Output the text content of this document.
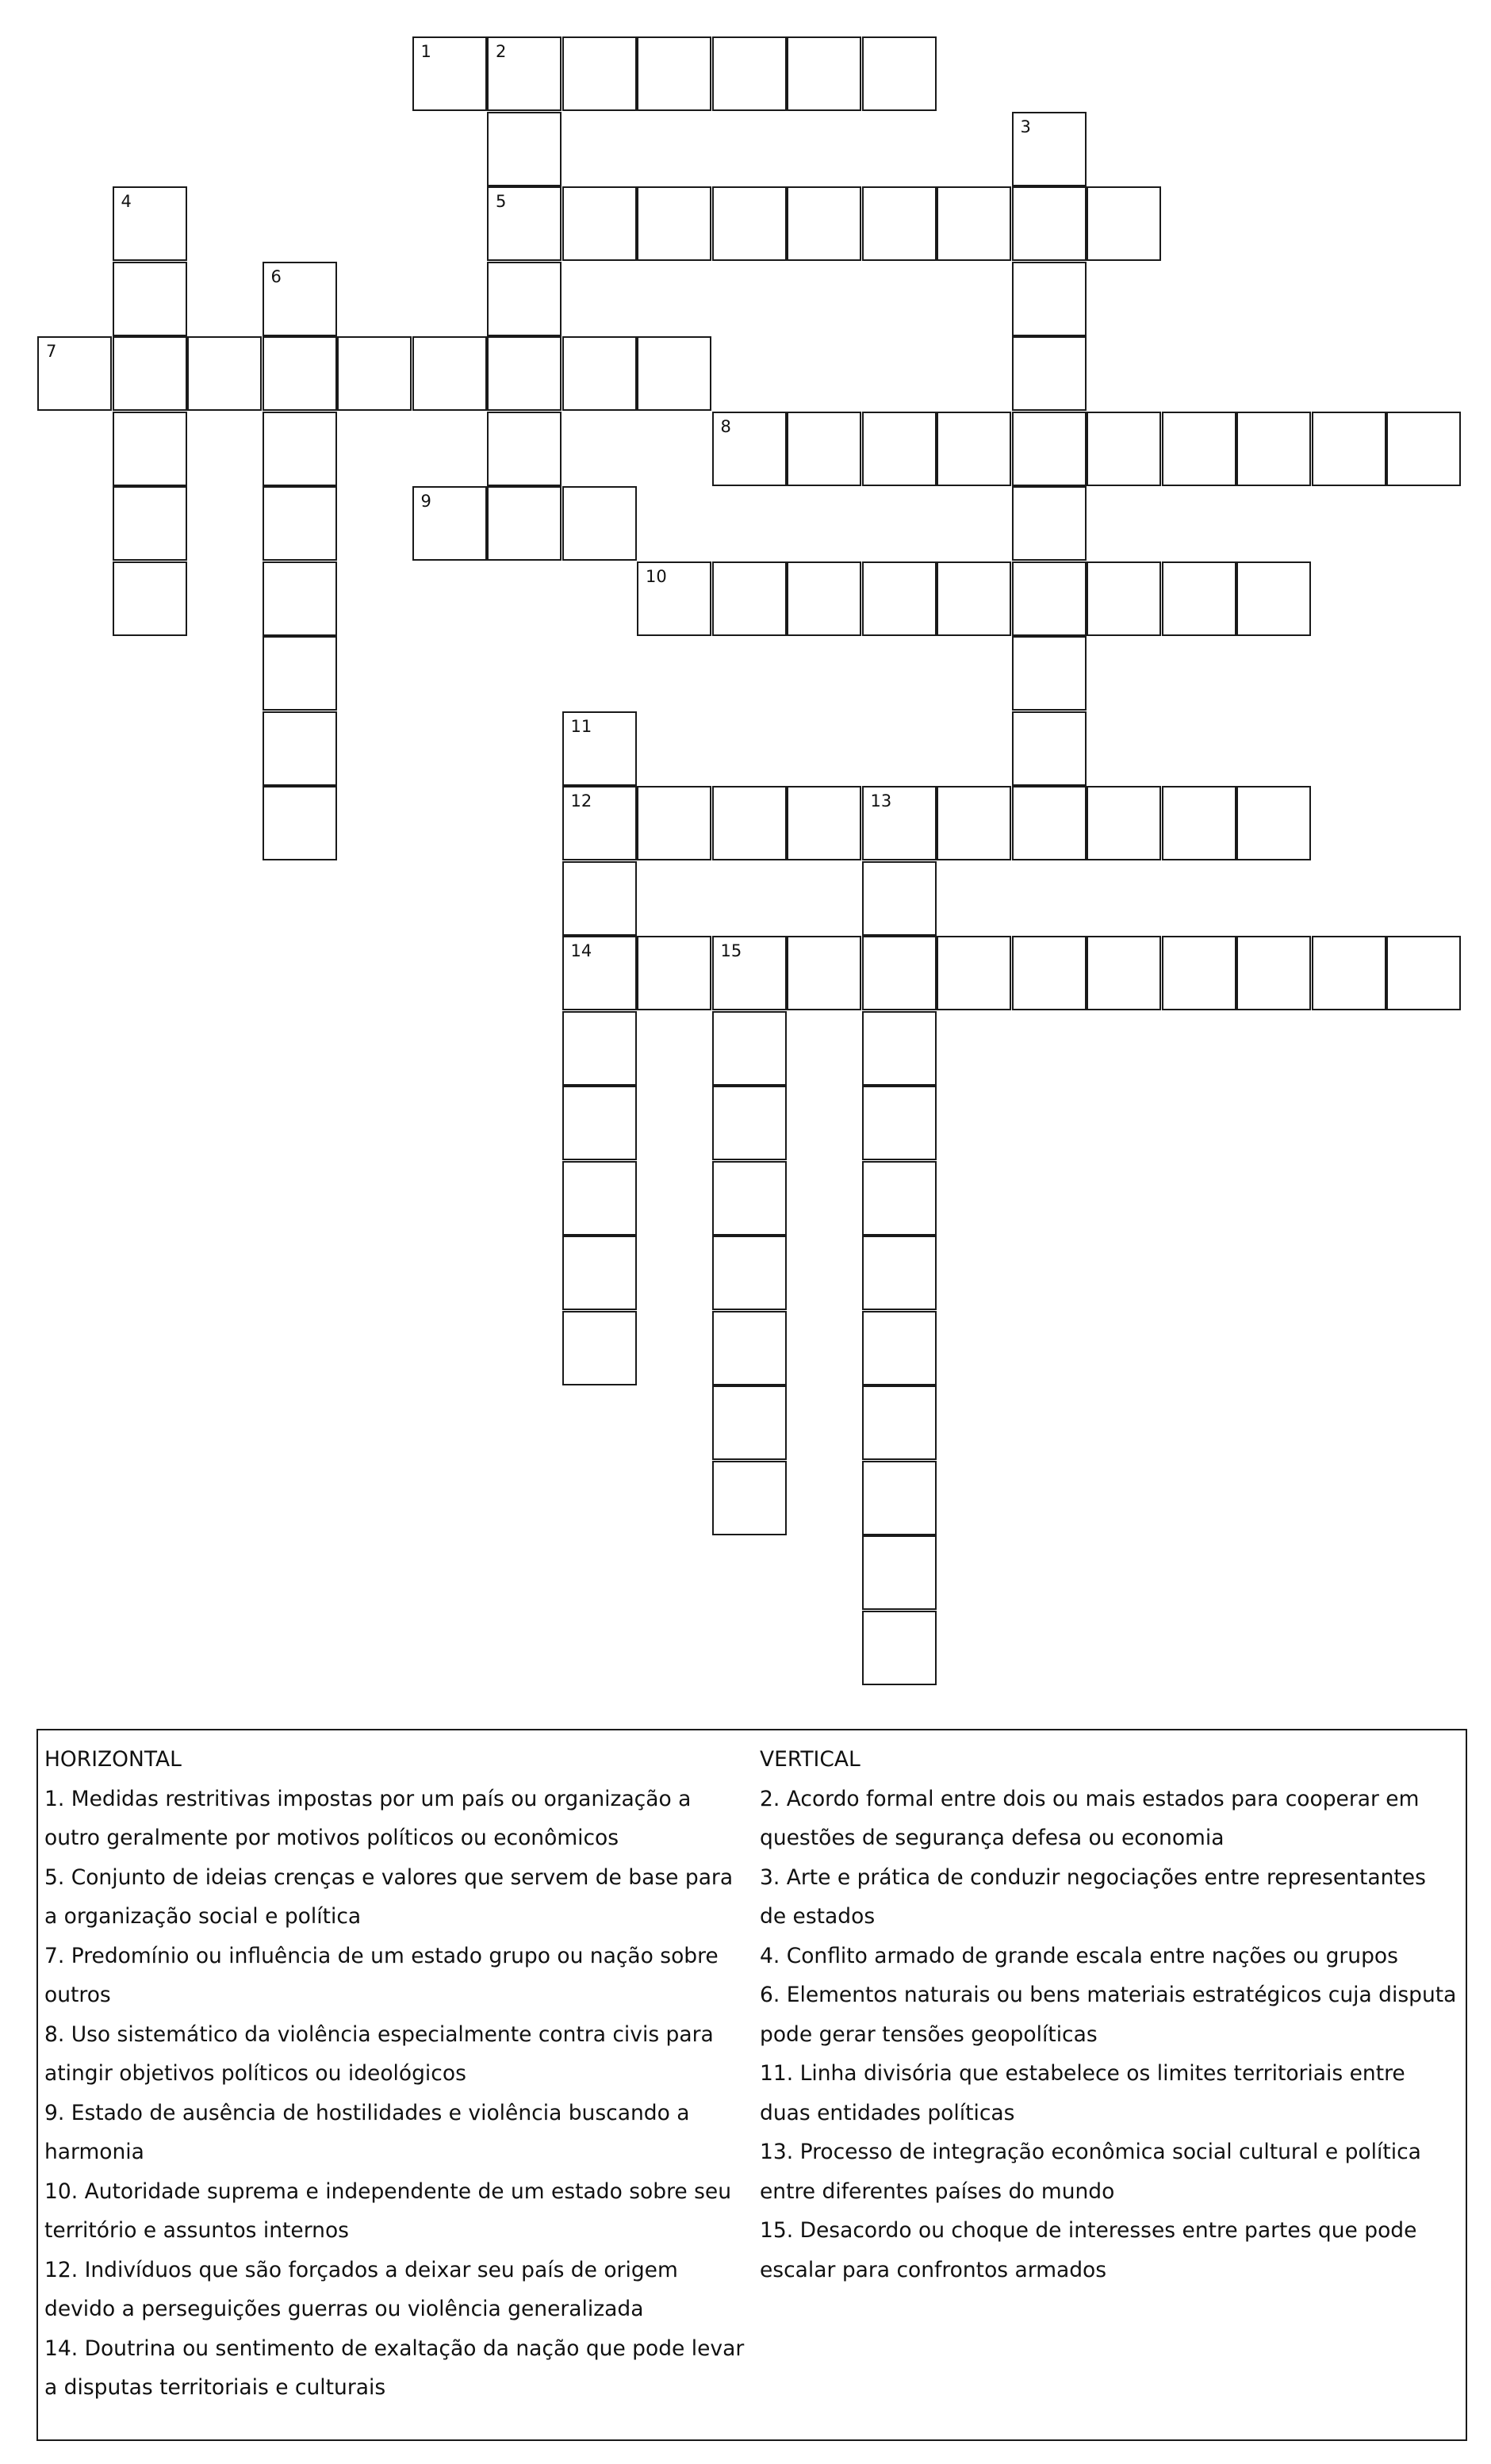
1	2
5
3
4
6
7
8
9
10
11
12
14
13
15
HORIZONTAL

1. Medidas restritivas impostas por um país ou organização a outro geralmente por motivos políticos ou econômicos

5. Conjunto de ideias crenças e valores que servem de base para a organização social e política

7. Predomínio ou influência de um estado grupo ou nação sobre outros

8. Uso sistemático da violência especialmente contra civis para atingir objetivos políticos ou ideológicos

9. Estado de ausência de hostilidades e violência buscando a harmonia

10. Autoridade suprema e independente de um estado sobre seu território e assuntos internos

12. Indivíduos que são forçados a deixar seu país de origem devido a perseguições guerras ou violência generalizada

14. Doutrina ou sentimento de exaltação da nação que pode levar a disputas territoriais e culturais

VERTICAL

2. Acordo formal entre dois ou mais estados para cooperar em questões de segurança defesa ou economia

3. Arte e prática de conduzir negociações entre representantes de estados

4. Conflito armado de grande escala entre nações ou grupos

6. Elementos naturais ou bens materiais estratégicos cuja disputa pode gerar tensões geopolíticas

11. Linha divisória que estabelece os limites territoriais entre duas entidades políticas

13. Processo de integração econômica social cultural e política entre diferentes países do mundo

15. Desacordo ou choque de interesses entre partes que pode escalar para confrontos armados
